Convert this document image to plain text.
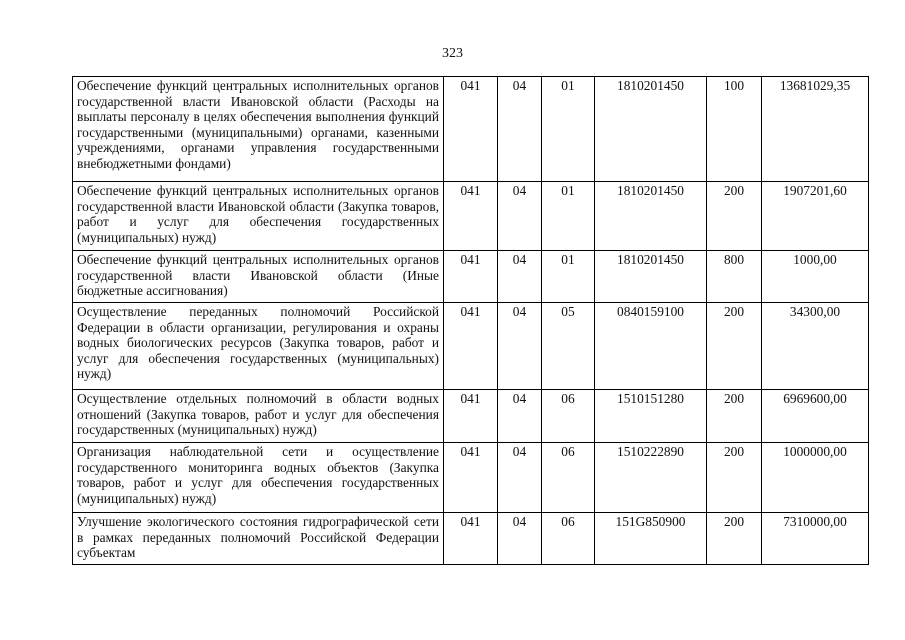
323
Обеспечение функций центральных исполнительных органов государственной власти Ивановской области (Расходы на выплаты персоналу в целях обеспечения выполнения функций государственными (муниципальными) органами, казенными учреждениями, органами управления государственными внебюджетными фондами)	041	04	01	1810201450	100	13681029,35
Обеспечение функций центральных исполнительных органов государственной власти Ивановской области (Закупка товаров, работ и услуг для обеспечения государственных (муниципальных) нужд)	041	04	01	1810201450	200	1907201,60
Обеспечение функций центральных исполнительных органов государственной власти Ивановской области (Иные бюджетные ассигнования)	041	04	01	1810201450	800	1000,00
Осуществление переданных полномочий Российской Федерации в области организации, регулирования и охраны водных биологических ресурсов (Закупка товаров, работ и услуг для обеспечения государственных (муниципальных) нужд)	041	04	05	0840159100	200	34300,00
Осуществление отдельных полномочий в области водных отношений (Закупка товаров, работ и услуг для обеспечения государственных (муниципальных) нужд)	041	04	06	1510151280	200	6969600,00
Организация наблюдательной сети и осуществление государственного мониторинга водных объектов (Закупка товаров, работ и услуг для обеспечения государственных (муниципальных) нужд)	041	04	06	1510222890	200	1000000,00
Улучшение экологического состояния гидрографической сети в рамках переданных полномочий Российской Федерации субъектам	041	04	06	151G850900	200	7310000,00
